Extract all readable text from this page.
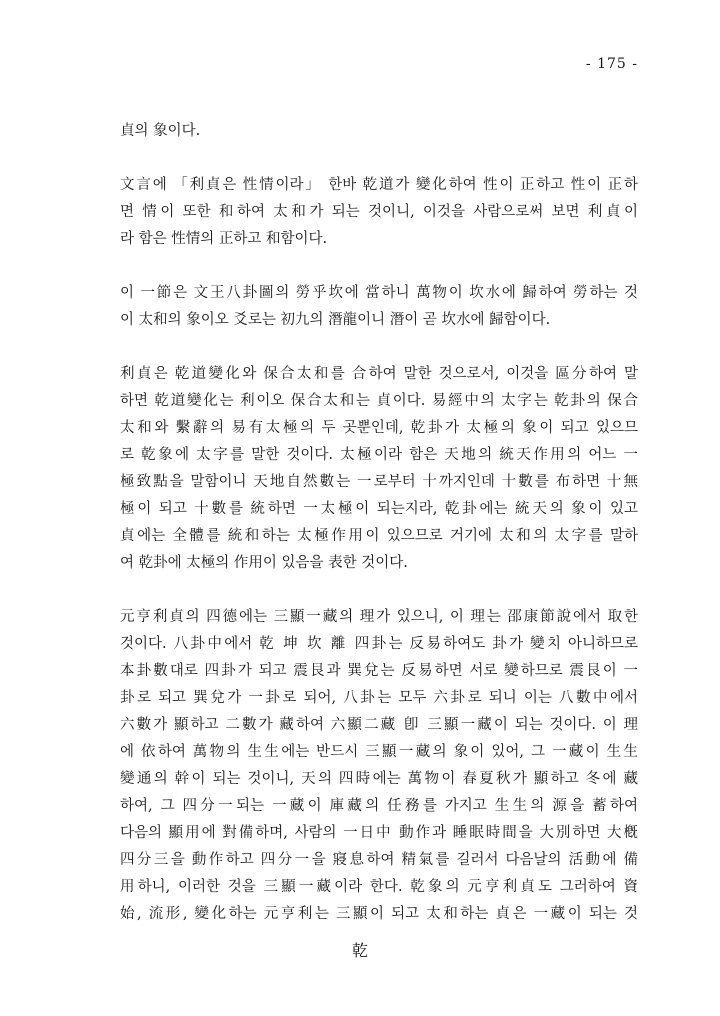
- 175 -

貞의 象이다.

文言에 「利貞은 性情이라」 한바 乾道가 變化하여 性이 正하고 性이 正하
면 情이 또한 和하여 太和가 되는 것이니, 이것을 사람으로써 보면 利貞이
라 함은 性情의 正하고 和함이다.

이 一節은 文王八卦圖의 勞乎坎에 當하니 萬物이 坎水에 歸하여 勞하는 것
이 太和의 象이오 爻로는 初九의 潛龍이니 潛이 곧 坎水에 歸함이다.

利貞은 乾道變化와 保合太和를 合하여 말한 것으로서, 이것을 區分하여 말
하면 乾道變化는 利이오 保合太和는 貞이다. 易經中의 太字는 乾卦의 保合
太和와 繫辭의 易有太極의 두 곳뿐인데, 乾卦가 太極의 象이 되고 있으므
로 乾象에 太字를 말한 것이다. 太極이라 함은 天地의 統天作用의 어느 一
極致點을 말함이니 天地自然數는 一로부터 十까지인데 十數를 布하면 十無
極이 되고 十數를 統하면 一太極이 되는지라, 乾卦에는 統天의 象이 있고
貞에는 全體를 統和하는 太極作用이 있으므로 거기에 太和의 太字를 말하
여 乾卦에 太極의 作用이 있음을 表한 것이다.

元亨利貞의 四德에는 三顯一藏의 理가 있으니, 이 理는 邵康節說에서 取한
것이다. 八卦中에서 乾 坤 坎 離 四卦는 反易하여도 卦가 變치 아니하므로
本卦數대로 四卦가 되고 震艮과 巽兌는 反易하면 서로 變하므로 震艮이 一
卦로 되고 巽兌가 一卦로 되어, 八卦는 모두 六卦로 되니 이는 八數中에서
六數가 顯하고 二數가 藏하여 六顯二藏 卽 三顯一藏이 되는 것이다. 이 理
에 依하여 萬物의 生生에는 반드시 三顯一藏의 象이 있어, 그 一藏이 生生
變通의 幹이 되는 것이니, 天의 四時에는 萬物이 春夏秋가 顯하고 冬에 藏
하여, 그 四分一되는 一藏이 庫藏의 任務를 가지고 生生의 源을 蓄하여
다음의 顯用에 對備하며, 사람의 一日中 動作과 睡眠時間을 大別하면 大槪
四分三을 動作하고 四分一을 寢息하여 精氣를 길러서 다음날의 活動에 備
用하니, 이러한 것을 三顯一藏이라 한다. 乾象의 元亨利貞도 그러하여 資
始, 流形, 變化하는 元亨利는 三顯이 되고 太和하는 貞은 一藏이 되는 것

乾
